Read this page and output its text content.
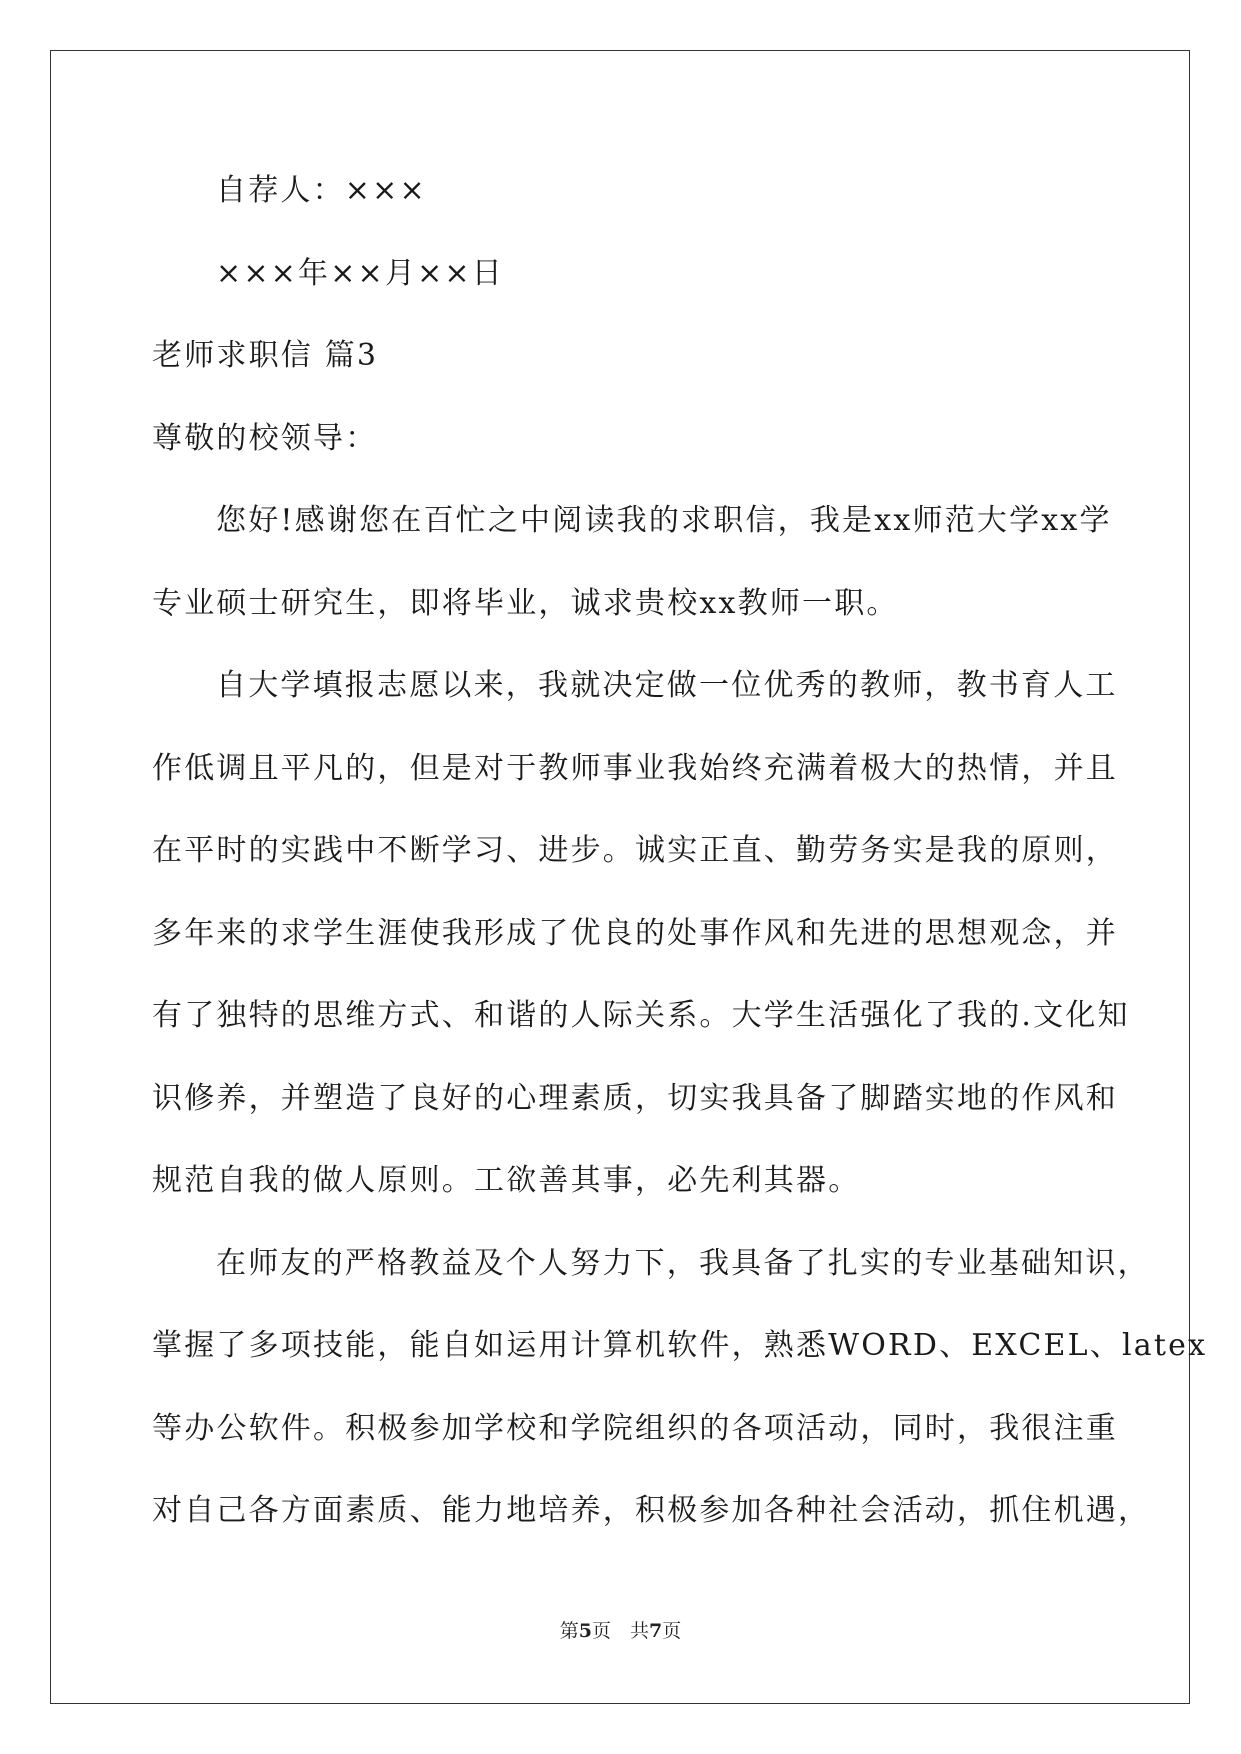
自荐人：×××
×××年××月××日
老师求职信 篇3
尊敬的校领导：
您好!感谢您在百忙之中阅读我的求职信，我是xx师范大学xx学
专业硕士研究生，即将毕业，诚求贵校xx教师一职。
自大学填报志愿以来，我就决定做一位优秀的教师，教书育人工
作低调且平凡的，但是对于教师事业我始终充满着极大的热情，并且
在平时的实践中不断学习、进步。诚实正直、勤劳务实是我的原则，
多年来的求学生涯使我形成了优良的处事作风和先进的思想观念，并
有了独特的思维方式、和谐的人际关系。大学生活强化了我的.文化知
识修养，并塑造了良好的心理素质，切实我具备了脚踏实地的作风和
规范自我的做人原则。工欲善其事，必先利其器。
在师友的严格教益及个人努力下，我具备了扎实的专业基础知识，
掌握了多项技能，能自如运用计算机软件，熟悉WORD、EXCEL、latex
等办公软件。积极参加学校和学院组织的各项活动，同时，我很注重
对自己各方面素质、能力地培养，积极参加各种社会活动，抓住机遇，
第5页　共7页
